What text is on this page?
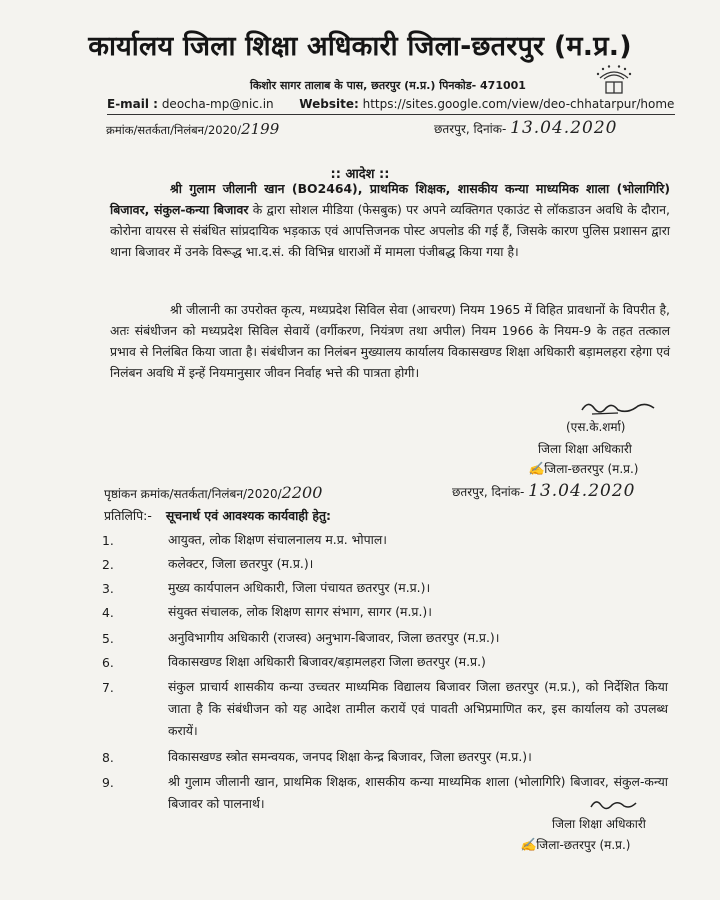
कार्यालय जिला शिक्षा अधिकारी जिला-छतरपुर (म.प्र.)
किशोर सागर तालाब के पास, छतरपुर (म.प्र.) पिनकोड- 471001
E-mail : deocha-mp@nic.in Website: https://sites.google.com/view/deo-chhatarpur/home
क्रमांक/सतर्कता/निलंबन/2020/2199	छतरपुर, दिनांक- 13.04.2020
:: आदेश ::
श्री गुलाम जीलानी खान (BO2464), प्राथमिक शिक्षक, शासकीय कन्या माध्यमिक शाला (भोलागिरि) बिजावर, संकुल-कन्या बिजावर के द्वारा सोशल मीडिया (फेसबुक) पर अपने व्यक्तिगत एकाउंट से लॉकडाउन अवधि के दौरान, कोरोना वायरस से संबंधित सांप्रदायिक भड़काऊ एवं आपत्तिजनक पोस्ट अपलोड की गई हैं, जिसके कारण पुलिस प्रशासन द्वारा थाना बिजावर में उनके विरूद्ध भा.द.सं. की विभिन्न धाराओं में मामला पंजीबद्ध किया गया है।
श्री जीलानी का उपरोक्त कृत्य, मध्यप्रदेश सिविल सेवा (आचरण) नियम 1965 में विहित प्रावधानों के विपरीत है, अतः संबंधीजन को मध्यप्रदेश सिविल सेवायें (वर्गीकरण, नियंत्रण तथा अपील) नियम 1966 के नियम-9 के तहत तत्काल प्रभाव से निलंबित किया जाता है। संबंधीजन का निलंबन मुख्यालय कार्यालय विकासखण्ड शिक्षा अधिकारी बड़ामलहरा रहेगा एवं निलंबन अवधि में इन्हें नियमानुसार जीवन निर्वाह भत्ते की पात्रता होगी।
(एस.के.शर्मा)
जिला शिक्षा अधिकारी
✍जिला-छतरपुर (म.प्र.)
पृष्ठांकन क्रमांक/सतर्कता/निलंबन/2020/2200	छतरपुर, दिनांक- 13.04.2020
प्रतिलिपि:- सूचनार्थ एवं आवश्यक कार्यवाही हेतु:
1.	आयुक्त, लोक शिक्षण संचालनालय म.प्र. भोपाल।
2.	कलेक्टर, जिला छतरपुर (म.प्र.)।
3.	मुख्य कार्यपालन अधिकारी, जिला पंचायत छतरपुर (म.प्र.)।
4.	संयुक्त संचालक, लोक शिक्षण सागर संभाग, सागर (म.प्र.)।
5.	अनुविभागीय अधिकारी (राजस्व) अनुभाग-बिजावर, जिला छतरपुर (म.प्र.)।
6.	विकासखण्ड शिक्षा अधिकारी बिजावर/बड़ामलहरा जिला छतरपुर (म.प्र.)
7.	संकुल प्राचार्य शासकीय कन्या उच्चतर माध्यमिक विद्यालय बिजावर जिला छतरपुर (म.प्र.), को निर्देशित किया जाता है कि संबंधीजन को यह आदेश तामील करायें एवं पावती अभिप्रमाणित कर, इस कार्यालय को उपलब्ध करायें।
8.	विकासखण्ड स्त्रोत समन्वयक, जनपद शिक्षा केन्द्र बिजावर, जिला छतरपुर (म.प्र.)।
9.	श्री गुलाम जीलानी खान, प्राथमिक शिक्षक, शासकीय कन्या माध्यमिक शाला (भोलागिरि) बिजावर, संकुल-कन्या बिजावर को पालनार्थ।
जिला शिक्षा अधिकारी
✍जिला-छतरपुर (म.प्र.)
